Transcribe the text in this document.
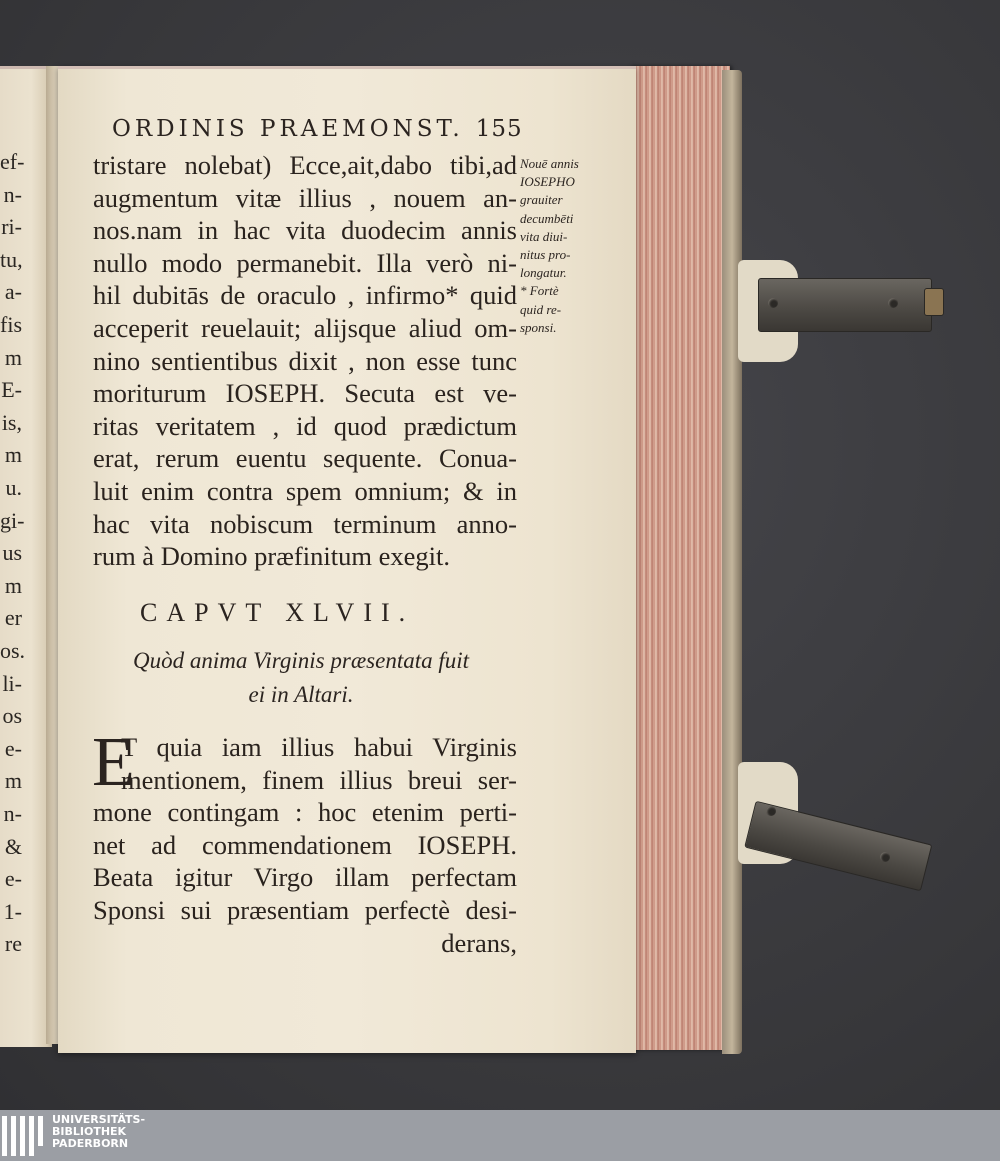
ef-
n-
ri-
tu,
a-
fis
m
E-
is,
m
u.
gi-
us
m
er
os.
li-
os
e-
m
n-
&
e-
1-
re
ORDINIS PRAEMONST. 155
tristare nolebat) Ecce,ait,dabo tibi,ad
augmentum vitæ illius , nouem an-
nos.nam in hac vita duodecim annis
nullo modo permanebit. Illa verò ni-
hil dubitās de oraculo , infirmo* quid
acceperit reuelauit; alijsque aliud om-
nino sentientibus dixit , non esse tunc
moriturum IOSEPH. Secuta est ve-
ritas veritatem , id quod prædictum
erat, rerum euentu sequente. Conua-
luit enim contra spem omnium; & in
hac vita nobiscum terminum anno-
rum à Domino præfinitum exegit.
Nouē annis
IOSEPHO
grauiter
decumbēti
vita diui-
nitus pro-
longatur.
* Fortè
quid re-
sponsi.
CAPVT XLVII.
Quòd anima Virginis præsentata fuit
ei in Altari.
E
T quia iam illius habui Virginis
mentionem, finem illius breui ser-
mone contingam : hoc etenim perti-
net ad commendationem IOSEPH.
Beata igitur Virgo illam perfectam
Sponsi sui præsentiam perfectè desi-
derans,
UNIVERSITÄTS-
BIBLIOTHEK
PADERBORN
